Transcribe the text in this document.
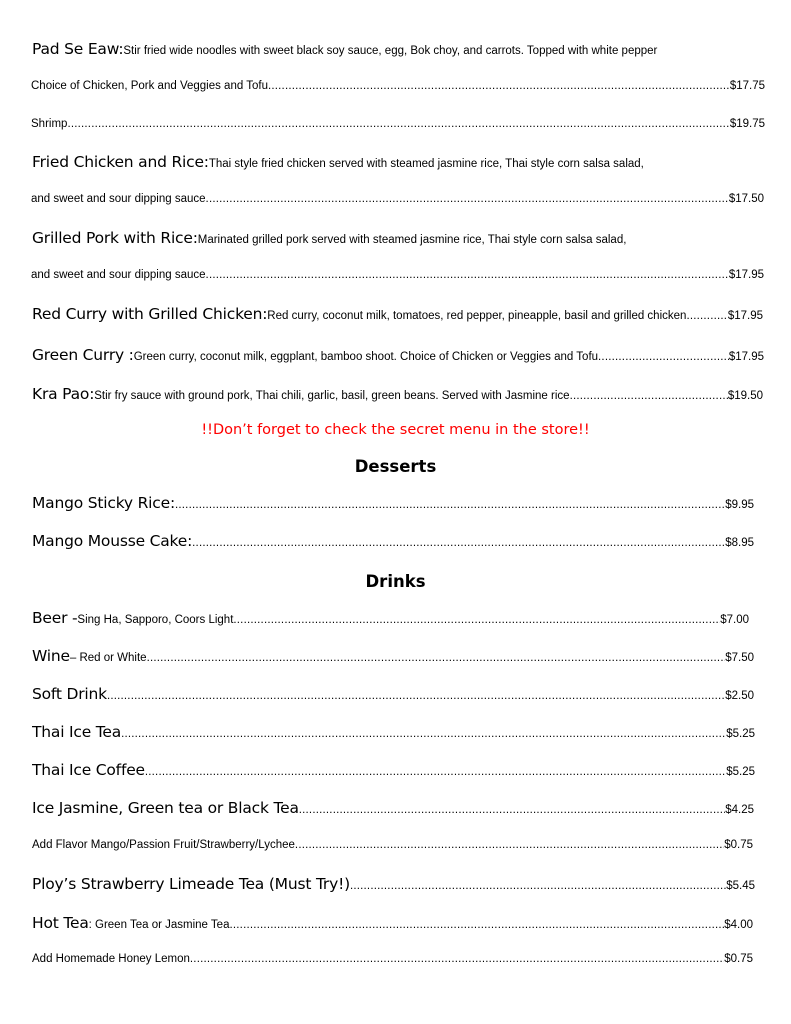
Pad Se Eaw: Stir fried wide noodles with sweet black soy sauce, egg, Bok choy, and carrots. Topped with white pepper
Choice of Chicken, Pork and Veggies and Tofu .....	$17.75
Shrimp .....	$19.75
Fried Chicken and Rice: Thai style fried chicken served with steamed jasmine rice, Thai style corn salsa salad,
and sweet and sour dipping sauce .....	$17.50
Grilled Pork with Rice: Marinated grilled pork served with steamed jasmine rice, Thai style corn salsa salad,
and sweet and sour dipping sauce .....	$17.95
Red Curry with Grilled Chicken: Red curry, coconut milk, tomatoes, red pepper, pineapple, basil and grilled chicken .....	$17.95
Green Curry : Green curry, coconut milk, eggplant, bamboo shoot. Choice of Chicken or Veggies and Tofu .....	$17.95
Kra Pao: Stir fry sauce with ground pork, Thai chili, garlic, basil, green beans. Served with Jasmine rice .....	$19.50
!!Don’t forget to check the secret menu in the store!!
Desserts
Mango Sticky Rice: .....	$9.95
Mango Mousse Cake: .....	$8.95
Drinks
Beer - Sing Ha, Sapporo, Coors Light .....	$7.00
Wine – Red or White .....	$7.50
Soft Drink .....	$2.50
Thai Ice Tea .....	$5.25
Thai Ice Coffee .....	$5.25
Ice Jasmine, Green tea or Black Tea .....	$4.25
Add Flavor Mango/Passion Fruit/Strawberry/Lychee .....	$0.75
Ploy’s Strawberry Limeade Tea (Must Try!) .....	$5.45
Hot Tea : Green Tea or Jasmine Tea .....	$4.00
Add Homemade Honey Lemon .....	$0.75
